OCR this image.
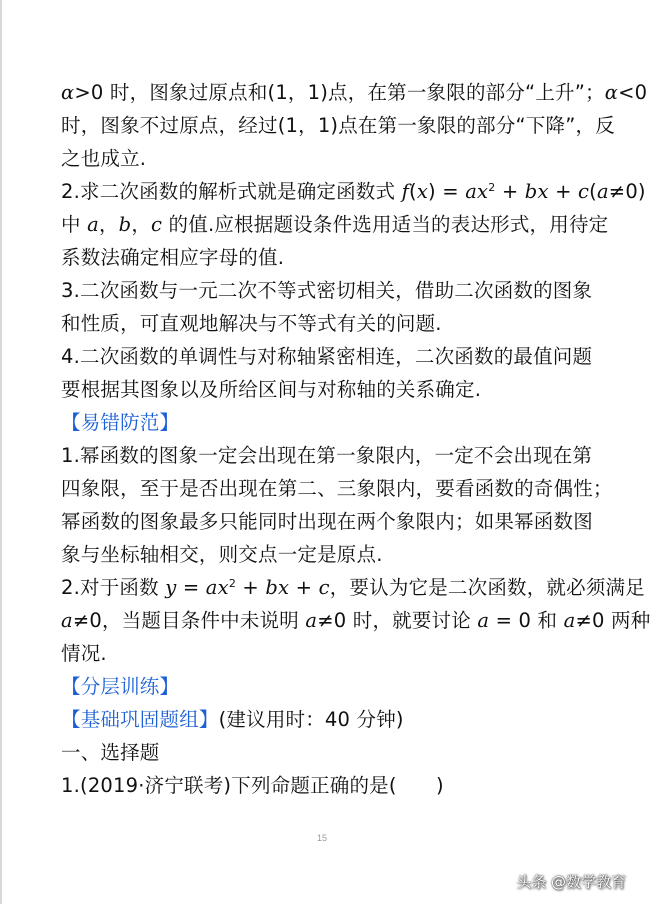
α>0 时，图象过原点和(1，1)点，在第一象限的部分“上升”；α<0
时，图象不过原点，经过(1，1)点在第一象限的部分“下降”，反
之也成立.
2.求二次函数的解析式就是确定函数式 $f(x) = ax^2$ + bx + c(a≠0)
中 a，b，c 的值.应根据题设条件选用适当的表达形式，用待定
系数法确定相应字母的值.
3.二次函数与一元二次不等式密切相关，借助二次函数的图象
和性质，可直观地解决与不等式有关的问题.
4.二次函数的单调性与对称轴紧密相连，二次函数的最值问题
要根据其图象以及所给区间与对称轴的关系确定.
【易错防范】
1.幂函数的图象一定会出现在第一象限内，一定不会出现在第
四象限，至于是否出现在第二、三象限内，要看函数的奇偶性；
幂函数的图象最多只能同时出现在两个象限内；如果幂函数图
象与坐标轴相交，则交点一定是原点.
2.对于函数 $y = ax^2$ + bx + c，要认为它是二次函数，就必须满足
a≠0，当题目条件中未说明 a≠0 时，就要讨论 a = 0 和 a≠0 两种
情况.
【分层训练】
【基础巩固题组】(建议用时：40 分钟)
一、选择题
1.(2019·济宁联考)下列命题正确的是(　　)
15
头条 @数学教育
